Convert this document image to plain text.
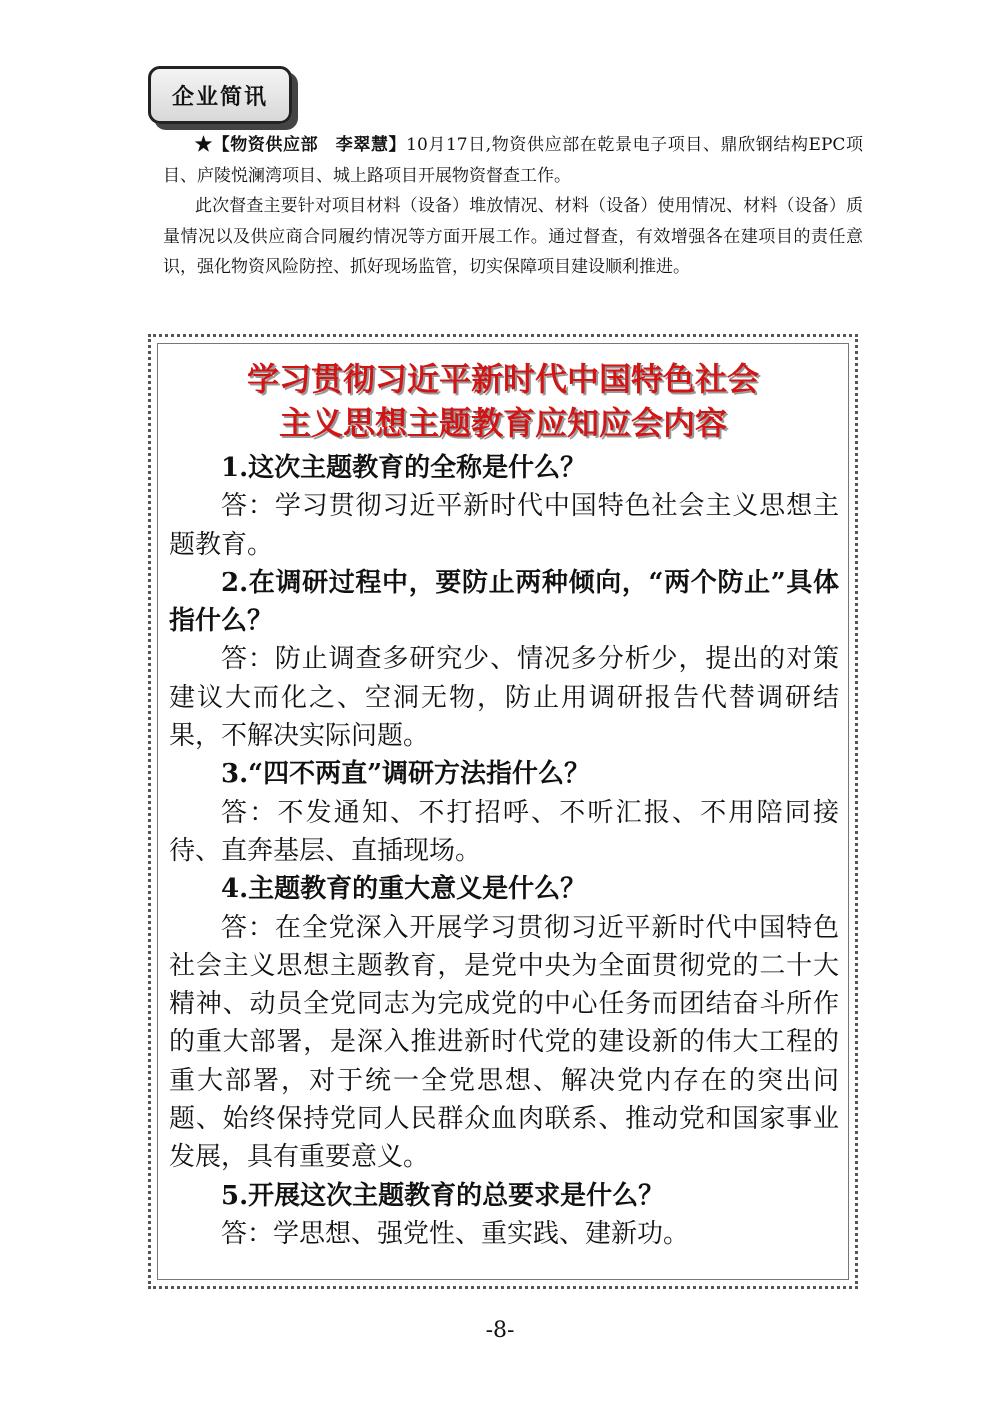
企业简讯

★【物资供应部　李翠慧】10月17日,物资供应部在乾景电子项目、鼎欣钢结构EPC项目、庐陵悦澜湾项目、城上路项目开展物资督查工作。

此次督查主要针对项目材料（设备）堆放情况、材料（设备）使用情况、材料（设备）质量情况以及供应商合同履约情况等方面开展工作。通过督查，有效增强各在建项目的责任意识，强化物资风险防控、抓好现场监管，切实保障项目建设顺利推进。

学习贯彻习近平新时代中国特色社会
主义思想主题教育应知应会内容

1.这次主题教育的全称是什么？

答：学习贯彻习近平新时代中国特色社会主义思想主题教育。

2.在调研过程中，要防止两种倾向，“两个防止”具体指什么？

答：防止调查多研究少、情况多分析少，提出的对策建议大而化之、空洞无物，防止用调研报告代替调研结果，不解决实际问题。

3.“四不两直”调研方法指什么？

答：不发通知、不打招呼、不听汇报、不用陪同接待、直奔基层、直插现场。

4.主题教育的重大意义是什么？

答：在全党深入开展学习贯彻习近平新时代中国特色社会主义思想主题教育，是党中央为全面贯彻党的二十大精神、动员全党同志为完成党的中心任务而团结奋斗所作的重大部署，是深入推进新时代党的建设新的伟大工程的重大部署，对于统一全党思想、解决党内存在的突出问题、始终保持党同人民群众血肉联系、推动党和国家事业发展，具有重要意义。

5.开展这次主题教育的总要求是什么？

答：学思想、强党性、重实践、建新功。

-8-
